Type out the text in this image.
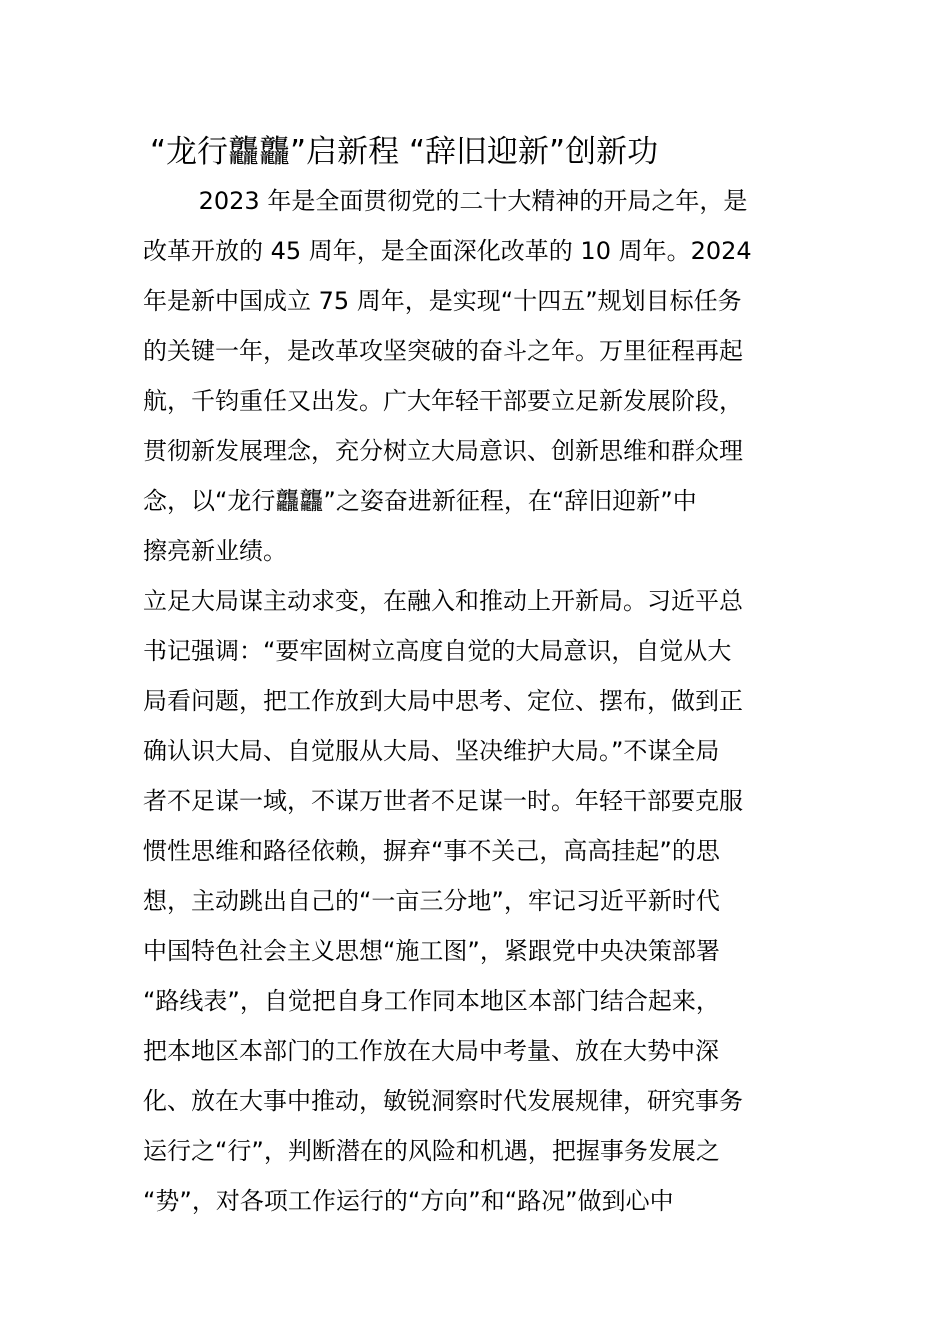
“龙行龘龘”启新程 “辞旧迎新”创新功
　　 2023 年是全面贯彻党的二十大精神的开局之年，是
改革开放的 45 周年，是全面深化改革的 10 周年。2024
年是新中国成立 75 周年，是实现“十四五”规划目标任务
的关键一年，是改革攻坚突破的奋斗之年。万里征程再起
航，千钧重任又出发。广大年轻干部要立足新发展阶段，
贯彻新发展理念，充分树立大局意识、创新思维和群众理
念，以“龙行龘龘”之姿奋进新征程，在“辞旧迎新”中
擦亮新业绩。
立足大局谋主动求变，在融入和推动上开新局。习近平总
书记强调：“要牢固树立高度自觉的大局意识，自觉从大
局看问题，把工作放到大局中思考、定位、摆布，做到正
确认识大局、自觉服从大局、坚决维护大局。”不谋全局
者不足谋一域，不谋万世者不足谋一时。年轻干部要克服
惯性思维和路径依赖，摒弃“事不关己，高高挂起”的思
想，主动跳出自己的“一亩三分地”，牢记习近平新时代
中国特色社会主义思想“施工图”，紧跟党中央决策部署
“路线表”，自觉把自身工作同本地区本部门结合起来，
把本地区本部门的工作放在大局中考量、放在大势中深
化、放在大事中推动，敏锐洞察时代发展规律，研究事务
运行之“行”，判断潜在的风险和机遇，把握事务发展之
“势”，对各项工作运行的“方向”和“路况”做到心中
